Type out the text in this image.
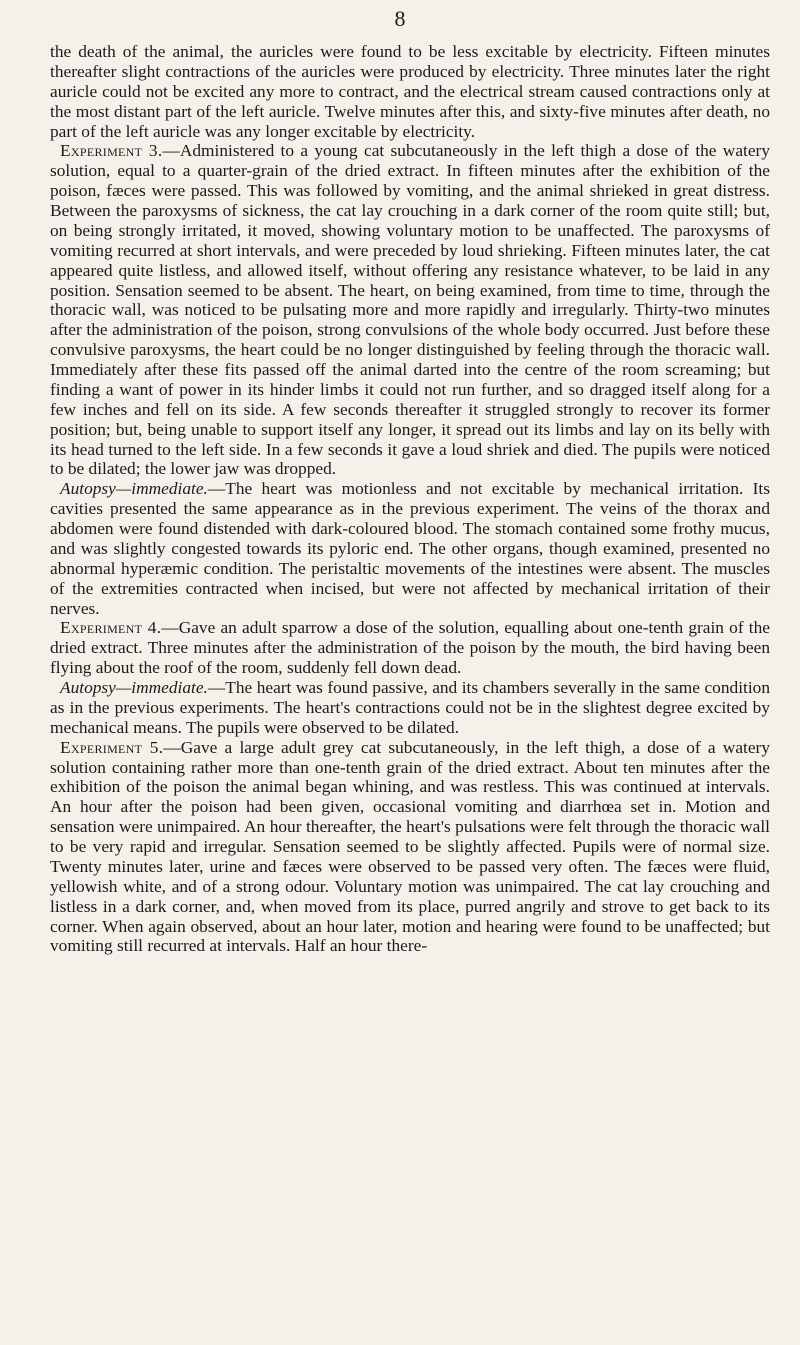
8

the death of the animal, the auricles were found to be less excitable by electricity. Fifteen minutes thereafter slight contractions of the auricles were produced by electricity. Three minutes later the right auricle could not be excited any more to contract, and the electrical stream caused contractions only at the most distant part of the left auricle. Twelve minutes after this, and sixty-five minutes after death, no part of the left auricle was any longer excitable by electricity.

Experiment 3.—Administered to a young cat subcutaneously in the left thigh a dose of the watery solution, equal to a quarter-grain of the dried extract. In fifteen minutes after the exhibition of the poison, fæces were passed. This was followed by vomiting, and the animal shrieked in great distress. Between the paroxysms of sickness, the cat lay crouching in a dark corner of the room quite still; but, on being strongly irritated, it moved, showing voluntary motion to be unaffected. The paroxysms of vomiting recurred at short intervals, and were preceded by loud shrieking. Fifteen minutes later, the cat appeared quite listless, and allowed itself, without offering any resistance whatever, to be laid in any position. Sensation seemed to be absent. The heart, on being examined, from time to time, through the thoracic wall, was noticed to be pulsating more and more rapidly and irregularly. Thirty-two minutes after the administration of the poison, strong convulsions of the whole body occurred. Just before these convulsive paroxysms, the heart could be no longer distinguished by feeling through the thoracic wall. Immediately after these fits passed off the animal darted into the centre of the room screaming; but finding a want of power in its hinder limbs it could not run further, and so dragged itself along for a few inches and fell on its side. A few seconds thereafter it struggled strongly to recover its former position; but, being unable to support itself any longer, it spread out its limbs and lay on its belly with its head turned to the left side. In a few seconds it gave a loud shriek and died. The pupils were noticed to be dilated; the lower jaw was dropped.

Autopsy—immediate.—The heart was motionless and not excitable by mechanical irritation. Its cavities presented the same appearance as in the previous experiment. The veins of the thorax and abdomen were found distended with dark-coloured blood. The stomach contained some frothy mucus, and was slightly congested towards its pyloric end. The other organs, though examined, presented no abnormal hyperæmic condition. The peristaltic movements of the intestines were absent. The muscles of the extremities contracted when incised, but were not affected by mechanical irritation of their nerves.

Experiment 4.—Gave an adult sparrow a dose of the solution, equalling about one-tenth grain of the dried extract. Three minutes after the administration of the poison by the mouth, the bird having been flying about the roof of the room, suddenly fell down dead.

Autopsy—immediate.—The heart was found passive, and its chambers severally in the same condition as in the previous experiments. The heart's contractions could not be in the slightest degree excited by mechanical means. The pupils were observed to be dilated.

Experiment 5.—Gave a large adult grey cat subcutaneously, in the left thigh, a dose of a watery solution containing rather more than one-tenth grain of the dried extract. About ten minutes after the exhibition of the poison the animal began whining, and was restless. This was continued at intervals. An hour after the poison had been given, occasional vomiting and diarrhœa set in. Motion and sensation were unimpaired. An hour thereafter, the heart's pulsations were felt through the thoracic wall to be very rapid and irregular. Sensation seemed to be slightly affected. Pupils were of normal size. Twenty minutes later, urine and fæces were observed to be passed very often. The fæces were fluid, yellowish white, and of a strong odour. Voluntary motion was unimpaired. The cat lay crouching and listless in a dark corner, and, when moved from its place, purred angrily and strove to get back to its corner. When again observed, about an hour later, motion and hearing were found to be unaffected; but vomiting still recurred at intervals. Half an hour there-
